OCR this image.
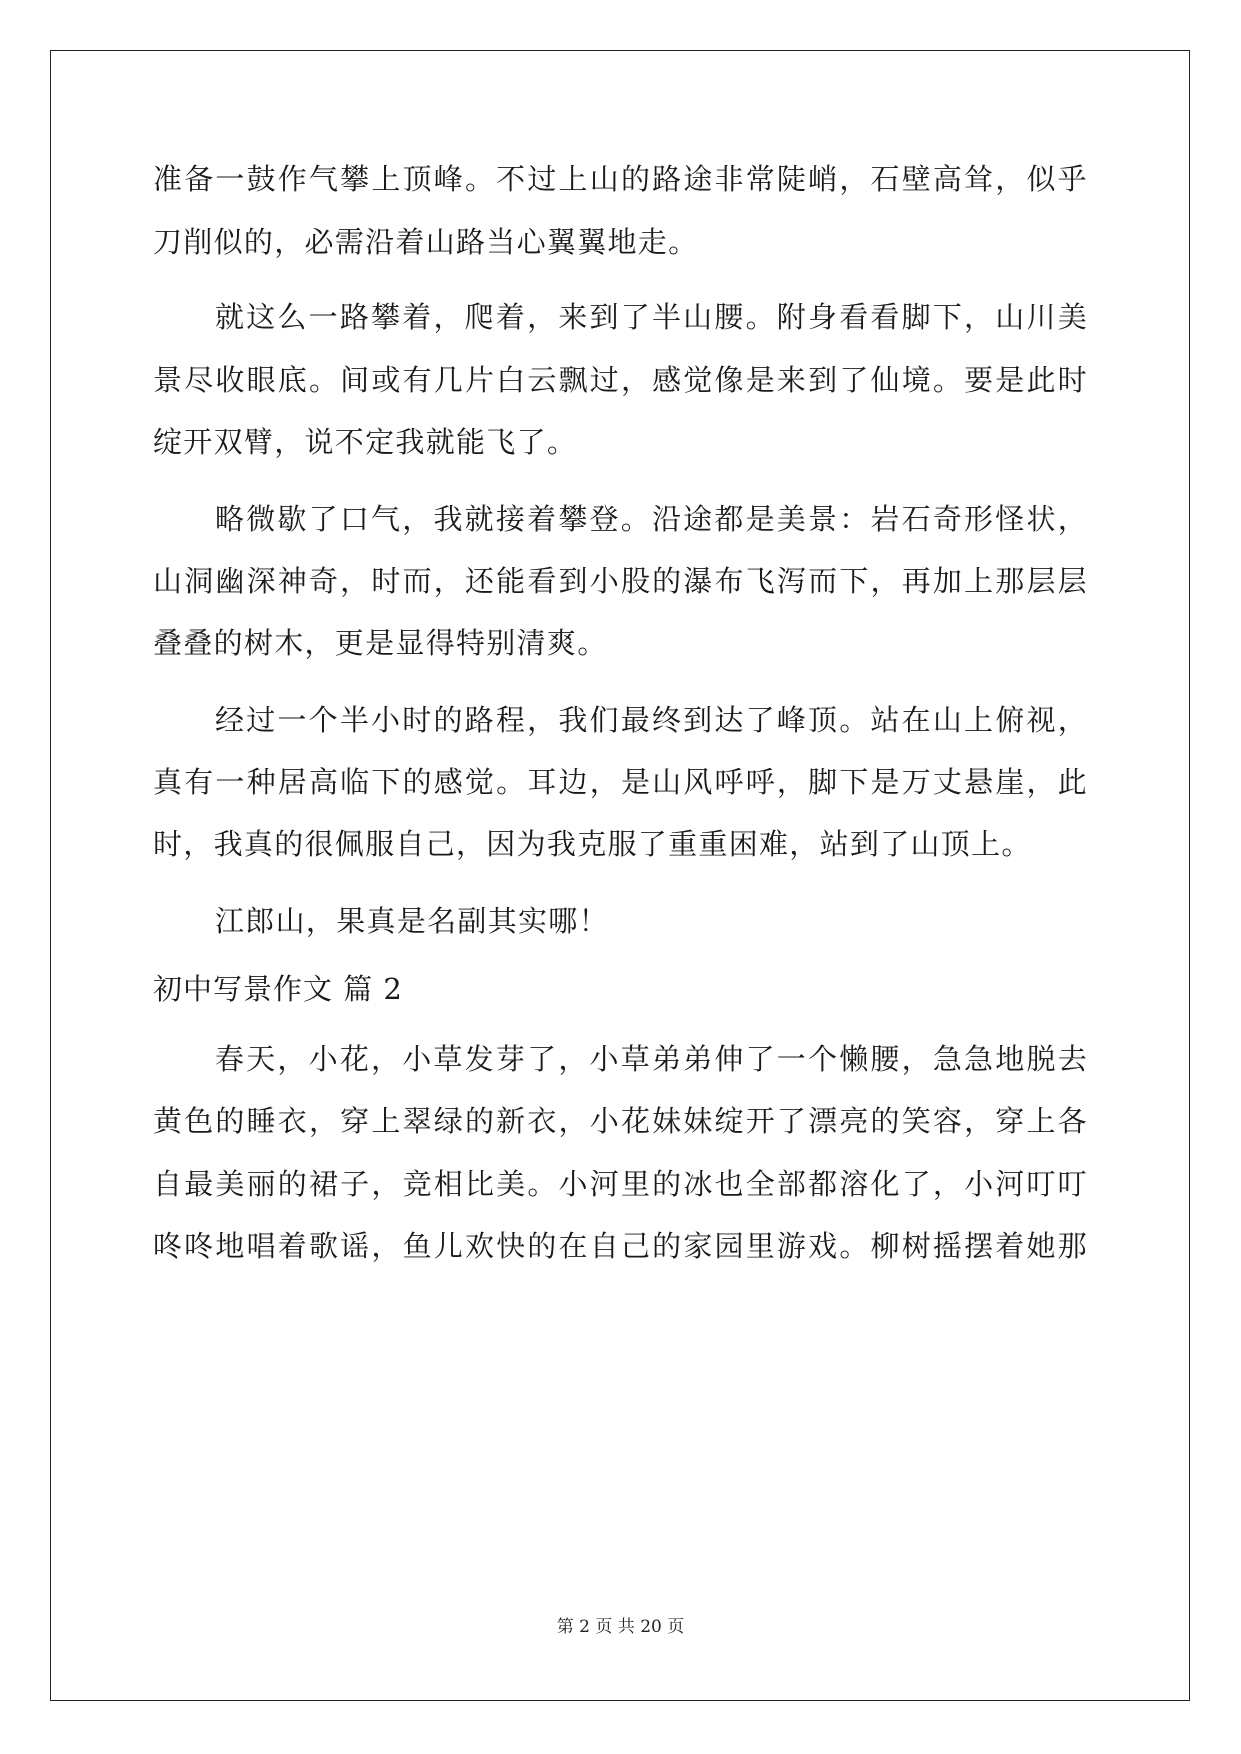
准备一鼓作气攀上顶峰。不过上山的路途非常陡峭，石壁高耸，似乎
刀削似的，必需沿着山路当心翼翼地走。
就这么一路攀着，爬着，来到了半山腰。附身看看脚下，山川美
景尽收眼底。间或有几片白云飘过，感觉像是来到了仙境。要是此时
绽开双臂，说不定我就能飞了。
略微歇了口气，我就接着攀登。沿途都是美景：岩石奇形怪状，
山洞幽深神奇，时而，还能看到小股的瀑布飞泻而下，再加上那层层
叠叠的树木，更是显得特别清爽。
经过一个半小时的路程，我们最终到达了峰顶。站在山上俯视，
真有一种居高临下的感觉。耳边，是山风呼呼，脚下是万丈悬崖，此
时，我真的很佩服自己，因为我克服了重重困难，站到了山顶上。
江郎山，果真是名副其实哪！
初中写景作文 篇 2
春天，小花，小草发芽了，小草弟弟伸了一个懒腰，急急地脱去
黄色的睡衣，穿上翠绿的新衣，小花妹妹绽开了漂亮的笑容，穿上各
自最美丽的裙子，竞相比美。小河里的冰也全部都溶化了，小河叮叮
咚咚地唱着歌谣，鱼儿欢快的在自己的家园里游戏。柳树摇摆着她那
第 2 页 共 20 页
